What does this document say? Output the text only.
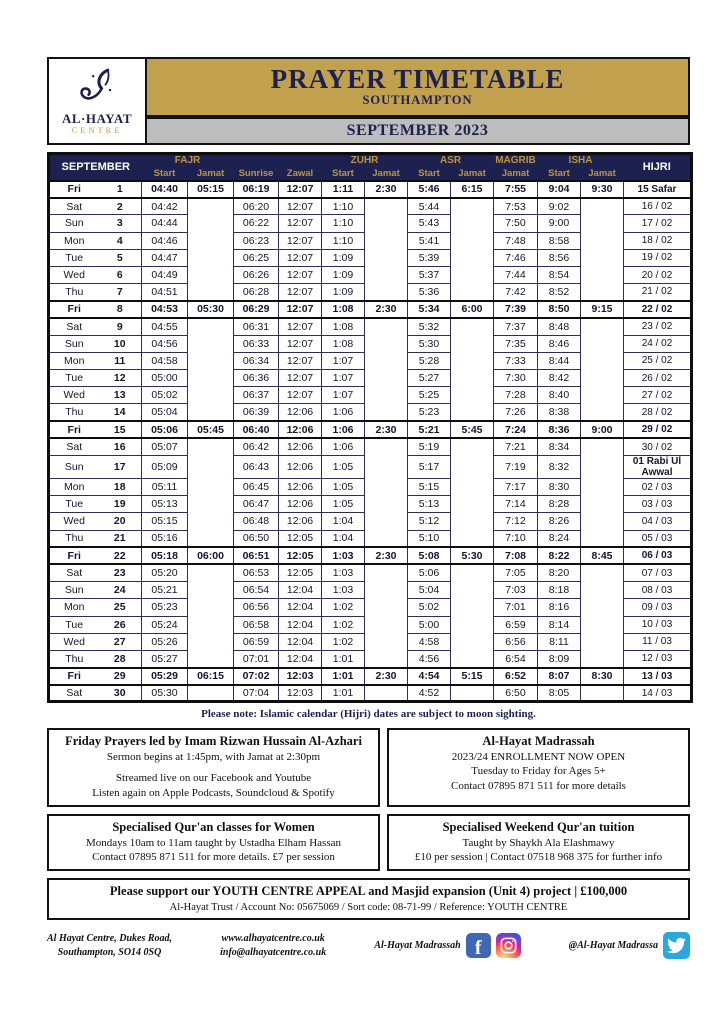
AL·HAYAT
CENTRE
PRAYER TIMETABLE
SOUTHAMPTON
SEPTEMBER 2023
SEPTEMBER		FAJR				ZUHR		ASR		MAGRIB	ISHA		HIJRI
		Start	Jamat	Sunrise	Zawal	Start	Jamat	Start	Jamat	Jamat	Start	Jamat	
Fri	1	04:40	05:15	06:19	12:07	1:11	2:30	5:46	6:15	7:55	9:04	9:30	15 Safar
Sat	2	04:42		06:20	12:07	1:10		5:44		7:53	9:02		16 / 02
Sun	3	04:44		06:22	12:07	1:10		5:43		7:50	9:00		17 / 02
Mon	4	04:46		06:23	12:07	1:10		5:41		7:48	8:58		18 / 02
Tue	5	04:47		06:25	12:07	1:09		5:39		7:46	8:56		19 / 02
Wed	6	04:49		06:26	12:07	1:09		5:37		7:44	8:54		20 / 02
Thu	7	04:51		06:28	12:07	1:09		5:36		7:42	8:52		21 / 02
Fri	8	04:53	05:30	06:29	12:07	1:08	2:30	5:34	6:00	7:39	8:50	9:15	22 / 02
Sat	9	04:55		06:31	12:07	1:08		5:32		7:37	8:48		23 / 02
Sun	10	04:56		06:33	12:07	1:08		5:30		7:35	8:46		24 / 02
Mon	11	04:58		06:34	12:07	1:07		5:28		7:33	8:44		25 / 02
Tue	12	05:00		06:36	12:07	1:07		5:27		7:30	8:42		26 / 02
Wed	13	05:02		06:37	12:07	1:07		5:25		7:28	8:40		27 / 02
Thu	14	05:04		06:39	12:06	1:06		5:23		7:26	8:38		28 / 02
Fri	15	05:06	05:45	06:40	12:06	1:06	2:30	5:21	5:45	7:24	8:36	9:00	29 / 02
Sat	16	05:07		06:42	12:06	1:06		5:19		7:21	8:34		30 / 02
Sun	17	05:09		06:43	12:06	1:05		5:17		7:19	8:32		01 Rabi Ul Awwal
Mon	18	05:11		06:45	12:06	1:05		5:15		7:17	8:30		02 / 03
Tue	19	05:13		06:47	12:06	1:05		5:13		7:14	8:28		03 / 03
Wed	20	05:15		06:48	12:06	1:04		5:12		7:12	8:26		04 / 03
Thu	21	05:16		06:50	12:05	1:04		5:10		7:10	8:24		05 / 03
Fri	22	05:18	06:00	06:51	12:05	1:03	2:30	5:08	5:30	7:08	8:22	8:45	06 / 03
Sat	23	05:20		06:53	12:05	1:03		5:06		7:05	8:20		07 / 03
Sun	24	05:21		06:54	12:04	1:03		5:04		7:03	8:18		08 / 03
Mon	25	05:23		06:56	12:04	1:02		5:02		7:01	8:16		09 / 03
Tue	26	05:24		06:58	12:04	1:02		5:00		6:59	8:14		10 / 03
Wed	27	05:26		06:59	12:04	1:02		4:58		6:56	8:11		11 / 03
Thu	28	05:27		07:01	12:04	1:01		4:56		6:54	8:09		12 / 03
Fri	29	05:29	06:15	07:02	12:03	1:01	2:30	4:54	5:15	6:52	8:07	8:30	13 / 03
Sat	30	05:30		07:04	12:03	1:01		4:52		6:50	8:05		14 / 03
Please note: Islamic calendar (Hijri) dates are subject to moon sighting.
Friday Prayers led by Imam Rizwan Hussain Al-Azhari
Sermon begins at 1:45pm, with Jamat at 2:30pm
Streamed live on our Facebook and Youtube
Listen again on Apple Podcasts, Soundcloud & Spotify
Al-Hayat Madrassah
2023/24 ENROLLMENT NOW OPEN
Tuesday to Friday for Ages 5+
Contact 07895 871 511 for more details
Specialised Qur'an classes for Women
Mondays 10am to 11am taught by Ustadha Elham Hassan
Contact 07895 871 511 for more details. £7 per session
Specialised Weekend Qur'an tuition
Taught by Shaykh Ala Elashmawy
£10 per session | Contact 07518 968 375 for further info
Please support our YOUTH CENTRE APPEAL and Masjid expansion (Unit 4) project | £100,000
Al-Hayat Trust / Account No: 05675069 / Sort code: 08-71-99 / Reference: YOUTH CENTRE
Al Hayat Centre, Dukes Road,
Southampton, SO14 0SQ
www.alhayatcentre.co.uk
info@alhayatcentre.co.uk
Al-Hayat Madrassah f	@Al-Hayat Madrassa
